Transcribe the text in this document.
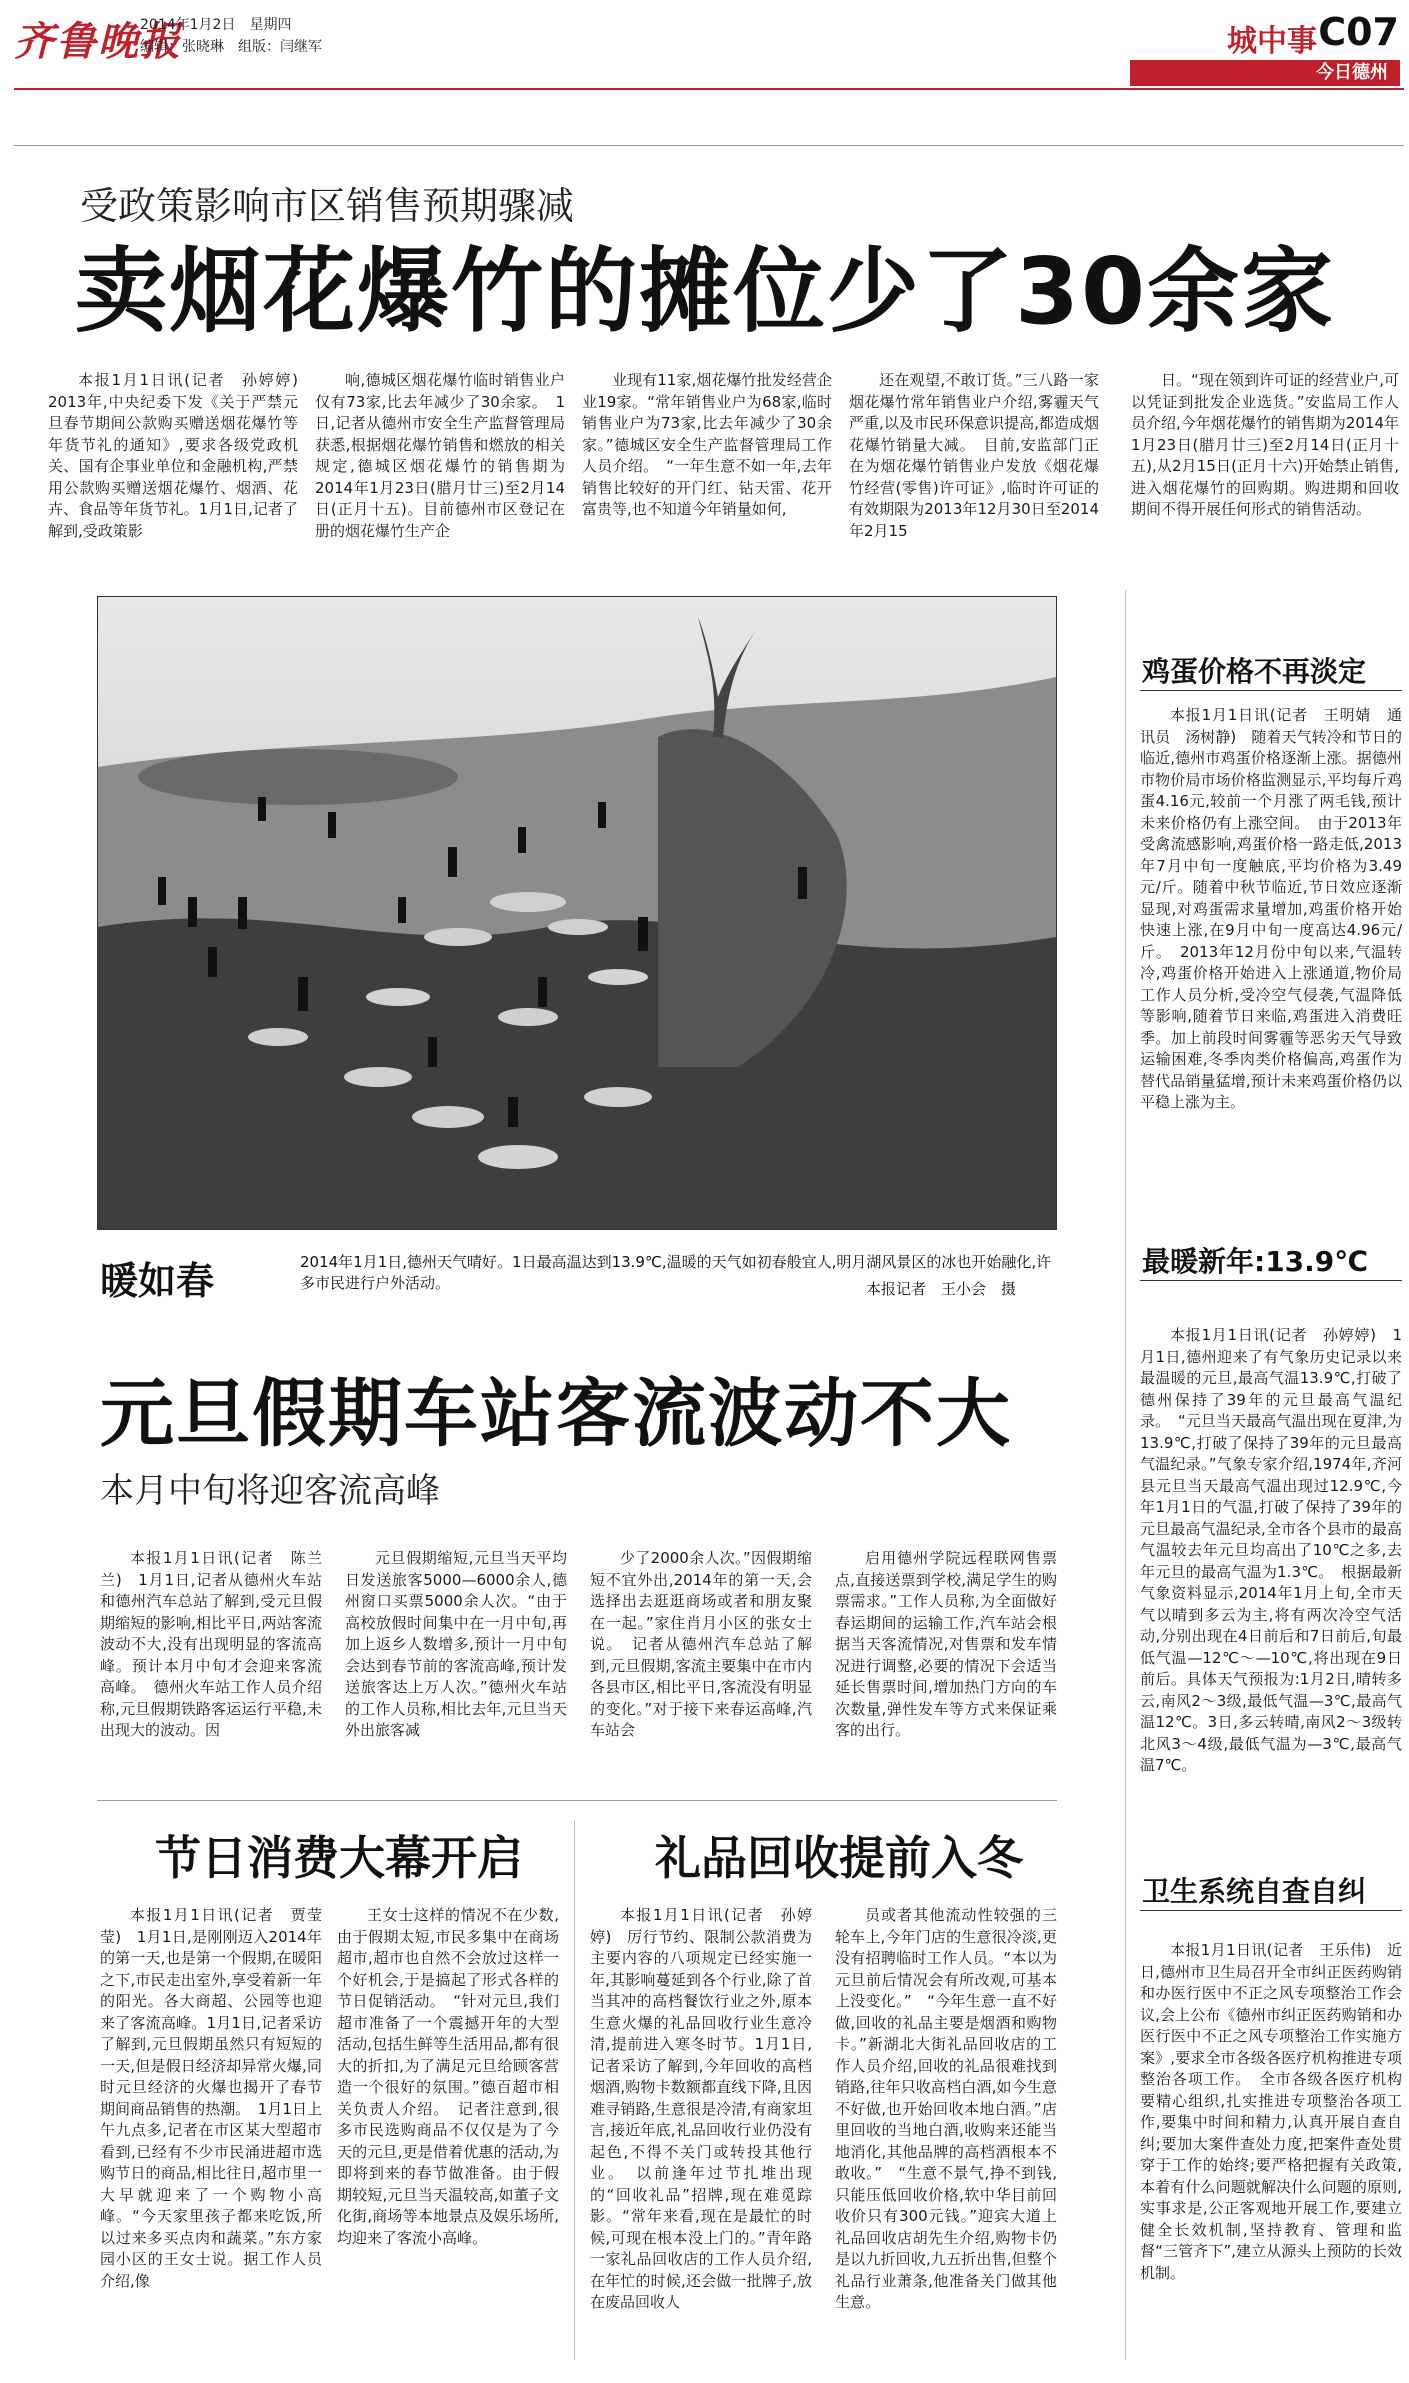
齐鲁晚报
2014年1月2日　星期四
编辑：张晓琳　组版：闫继军	城中事 C07
今日德州
受政策影响市区销售预期骤减
卖烟花爆竹的摊位少了30余家

本报1月1日讯(记者　孙婷婷)　2013年,中央纪委下发《关于严禁元旦春节期间公款购买赠送烟花爆竹等年货节礼的通知》,要求各级党政机关、国有企事业单位和金融机构,严禁用公款购买赠送烟花爆竹、烟酒、花卉、食品等年货节礼。1月1日,记者了解到,受政策影

响,德城区烟花爆竹临时销售业户仅有73家,比去年减少了30余家。　1日,记者从德州市安全生产监督管理局获悉,根据烟花爆竹销售和燃放的相关规定,德城区烟花爆竹的销售期为2014年1月23日(腊月廿三)至2月14日(正月十五)。目前德州市区登记在册的烟花爆竹生产企

业现有11家,烟花爆竹批发经营企业19家。“常年销售业户为68家,临时销售业户为73家,比去年减少了30余家。”德城区安全生产监督管理局工作人员介绍。　“一年生意不如一年,去年销售比较好的开门红、钻天雷、花开富贵等,也不知道今年销量如何,

还在观望,不敢订货。”三八路一家烟花爆竹常年销售业户介绍,雾霾天气严重,以及市民环保意识提高,都造成烟花爆竹销量大减。　目前,安监部门正在为烟花爆竹销售业户发放《烟花爆竹经营(零售)许可证》,临时许可证的有效期限为2013年12月30日至2014年2月15

日。“现在领到许可证的经营业户,可以凭证到批发企业选货。”安监局工作人员介绍,今年烟花爆竹的销售期为2014年1月23日(腊月廿三)至2月14日(正月十五),从2月15日(正月十六)开始禁止销售,进入烟花爆竹的回购期。购进期和回收期间不得开展任何形式的销售活动。

暖如春	2014年1月1日,德州天气晴好。1日最高温达到13.9℃,温暖的天气如初春般宜人,明月湖风景区的冰也开始融化,许多市民进行户外活动。	本报记者　王小会　摄
鸡蛋价格不再淡定

本报1月1日讯(记者　王明婧　通讯员　汤树静)　随着天气转冷和节日的临近,德州市鸡蛋价格逐渐上涨。据德州市物价局市场价格监测显示,平均每斤鸡蛋4.16元,较前一个月涨了两毛钱,预计未来价格仍有上涨空间。　由于2013年受禽流感影响,鸡蛋价格一路走低,2013年7月中旬一度触底,平均价格为3.49元/斤。随着中秋节临近,节日效应逐渐显现,对鸡蛋需求量增加,鸡蛋价格开始快速上涨,在9月中旬一度高达4.96元/斤。　2013年12月份中旬以来,气温转冷,鸡蛋价格开始进入上涨通道,物价局工作人员分析,受冷空气侵袭,气温降低等影响,随着节日来临,鸡蛋进入消费旺季。加上前段时间雾霾等恶劣天气导致运输困难,冬季肉类价格偏高,鸡蛋作为替代品销量猛增,预计未来鸡蛋价格仍以平稳上涨为主。

最暖新年:13.9℃

本报1月1日讯(记者　孙婷婷)　1月1日,德州迎来了有气象历史记录以来最温暖的元旦,最高气温13.9℃,打破了德州保持了39年的元旦最高气温纪录。　“元旦当天最高气温出现在夏津,为13.9℃,打破了保持了39年的元旦最高气温纪录。”气象专家介绍,1974年,齐河县元旦当天最高气温出现过12.9℃,今年1月1日的气温,打破了保持了39年的元旦最高气温纪录,全市各个县市的最高气温较去年元旦均高出了10℃之多,去年元旦的最高气温为1.3℃。　根据最新气象资料显示,2014年1月上旬,全市天气以晴到多云为主,将有两次冷空气活动,分别出现在4日前后和7日前后,旬最低气温—12℃～—10℃,将出现在9日前后。具体天气预报为:1月2日,晴转多云,南风2～3级,最低气温—3℃,最高气温12℃。3日,多云转晴,南风2～3级转北风3～4级,最低气温为—3℃,最高气温7℃。

卫生系统自查自纠

本报1月1日讯(记者　王乐伟)　近日,德州市卫生局召开全市纠正医药购销和办医行医中不正之风专项整治工作会议,会上公布《德州市纠正医药购销和办医行医中不正之风专项整治工作实施方案》,要求全市各级各医疗机构推进专项整治各项工作。　全市各级各医疗机构要精心组织,扎实推进专项整治各项工作,要集中时间和精力,认真开展自查自纠;要加大案件查处力度,把案件查处贯穿于工作的始终;要严格把握有关政策,本着有什么问题就解决什么问题的原则,实事求是,公正客观地开展工作,要建立健全长效机制,坚持教育、管理和监督“三管齐下”,建立从源头上预防的长效机制。

元旦假期车站客流波动不大
本月中旬将迎客流高峰

本报1月1日讯(记者　陈兰兰)　1月1日,记者从德州火车站和德州汽车总站了解到,受元旦假期缩短的影响,相比平日,两站客流波动不大,没有出现明显的客流高峰。预计本月中旬才会迎来客流高峰。　德州火车站工作人员介绍称,元旦假期铁路客运运行平稳,未出现大的波动。因

元旦假期缩短,元旦当天平均日发送旅客5000—6000余人,德州窗口买票5000余人次。“由于高校放假时间集中在一月中旬,再加上返乡人数增多,预计一月中旬会达到春节前的客流高峰,预计发送旅客达上万人次。”德州火车站的工作人员称,相比去年,元旦当天外出旅客减

少了2000余人次。”因假期缩短不宜外出,2014年的第一天,会选择出去逛逛商场或者和朋友聚在一起。”家住肖月小区的张女士说。　记者从德州汽车总站了解到,元旦假期,客流主要集中在市内各县市区,相比平日,客流没有明显的变化。”对于接下来春运高峰,汽车站会

启用德州学院远程联网售票点,直接送票到学校,满足学生的购票需求。”工作人员称,为全面做好春运期间的运输工作,汽车站会根据当天客流情况,对售票和发车情况进行调整,必要的情况下会适当延长售票时间,增加热门方向的车次数量,弹性发车等方式来保证乘客的出行。

节日消费大幕开启

本报1月1日讯(记者　贾莹莹)　1月1日,是刚刚迈入2014年的第一天,也是第一个假期,在暖阳之下,市民走出室外,享受着新一年的阳光。各大商超、公园等也迎来了客流高峰。1月1日,记者采访了解到,元旦假期虽然只有短短的一天,但是假日经济却异常火爆,同时元旦经济的火爆也揭开了春节期间商品销售的热潮。　1月1日上午九点多,记者在市区某大型超市看到,已经有不少市民涌进超市选购节日的商品,相比往日,超市里一大早就迎来了一个购物小高峰。“今天家里孩子都来吃饭,所以过来多买点肉和蔬菜。”东方家园小区的王女士说。据工作人员介绍,像

王女士这样的情况不在少数,由于假期太短,市民多集中在商场超市,超市也自然不会放过这样一个好机会,于是搞起了形式各样的节日促销活动。　“针对元旦,我们超市准备了一个震撼开年的大型活动,包括生鲜等生活用品,都有很大的折扣,为了满足元旦给顾客营造一个很好的氛围。”德百超市相关负责人介绍。　记者注意到,很多市民选购商品不仅仅是为了今天的元旦,更是借着优惠的活动,为即将到来的春节做准备。由于假期较短,元旦当天温较高,如董子文化街,商场等本地景点及娱乐场所,均迎来了客流小高峰。

礼品回收提前入冬

本报1月1日讯(记者　孙婷婷)　厉行节约、限制公款消费为主要内容的八项规定已经实施一年,其影响蔓延到各个行业,除了首当其冲的高档餐饮行业之外,原本生意火爆的礼品回收行业生意冷清,提前进入寒冬时节。1月1日,记者采访了解到,今年回收的高档烟酒,购物卡数额都直线下降,且因难寻销路,生意很是冷清,有商家坦言,接近年底,礼品回收行业仍没有起色,不得不关门或转投其他行业。　以前逢年过节扎堆出现的“回收礼品”招牌,现在难觅踪影。“常年来看,现在是最忙的时候,可现在根本没上门的。”青年路一家礼品回收店的工作人员介绍,在年忙的时候,还会做一批牌子,放在废品回收人

员或者其他流动性较强的三轮车上,今年门店的生意很冷淡,更没有招聘临时工作人员。“本以为元旦前后情况会有所改观,可基本上没变化。”　“今年生意一直不好做,回收的礼品主要是烟酒和购物卡。”新湖北大街礼品回收店的工作人员介绍,回收的礼品很难找到销路,往年只收高档白酒,如今生意不好做,也开始回收本地白酒。”店里回收的当地白酒,收购来还能当地消化,其他品牌的高档酒根本不敢收。”　“生意不景气,挣不到钱,只能压低回收价格,软中华目前回收价只有300元钱。”迎宾大道上礼品回收店胡先生介绍,购物卡仍是以九折回收,九五折出售,但整个礼品行业萧条,他准备关门做其他生意。
